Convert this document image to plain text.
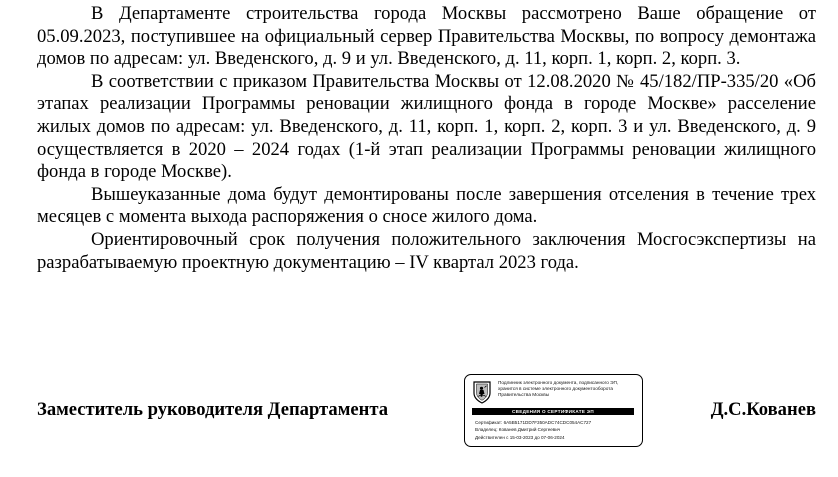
В Департаменте строительства города Москвы рассмотрено Ваше обращение от 05.09.2023, поступившее на официальный сервер Правительства Москвы, по вопросу демонтажа домов по адресам: ул. Введенского, д. 9 и ул. Введенского, д. 11, корп. 1, корп. 2, корп. 3.

В соответствии с приказом Правительства Москвы от 12.08.2020 № 45/182/ПР-335/20 «Об этапах реализации Программы реновации жилищного фонда в городе Москве» расселение жилых домов по адресам: ул. Введенского, д. 11, корп. 1, корп. 2, корп. 3 и ул. Введенского, д. 9 осуществляется в 2020 – 2024 годах (1-й этап реализации Программы реновации жилищного фонда в городе Москве).

Вышеуказанные дома будут демонтированы после завершения отселения в течение трех месяцев с момента выхода распоряжения о сносе жилого дома.

Ориентировочный срок получения положительного заключения Мосгосэкспертизы на разрабатываемую проектную документацию – IV квартал 2023 года.

Заместитель руководителя Департамента	Д.С.Кованев
Подлинник электронного документа, подписанного ЭП,
хранится в системе электронного документооборота
Правительства Москвы
СВЕДЕНИЯ О СЕРТИФИКАТЕ ЭП
Сертификат: 6A5B5171DD7F350ADC74CDC054AC727
Владелец: Кованев Дмитрий Сергеевич
Действителен с 15-03-2023 до 07-06-2024
